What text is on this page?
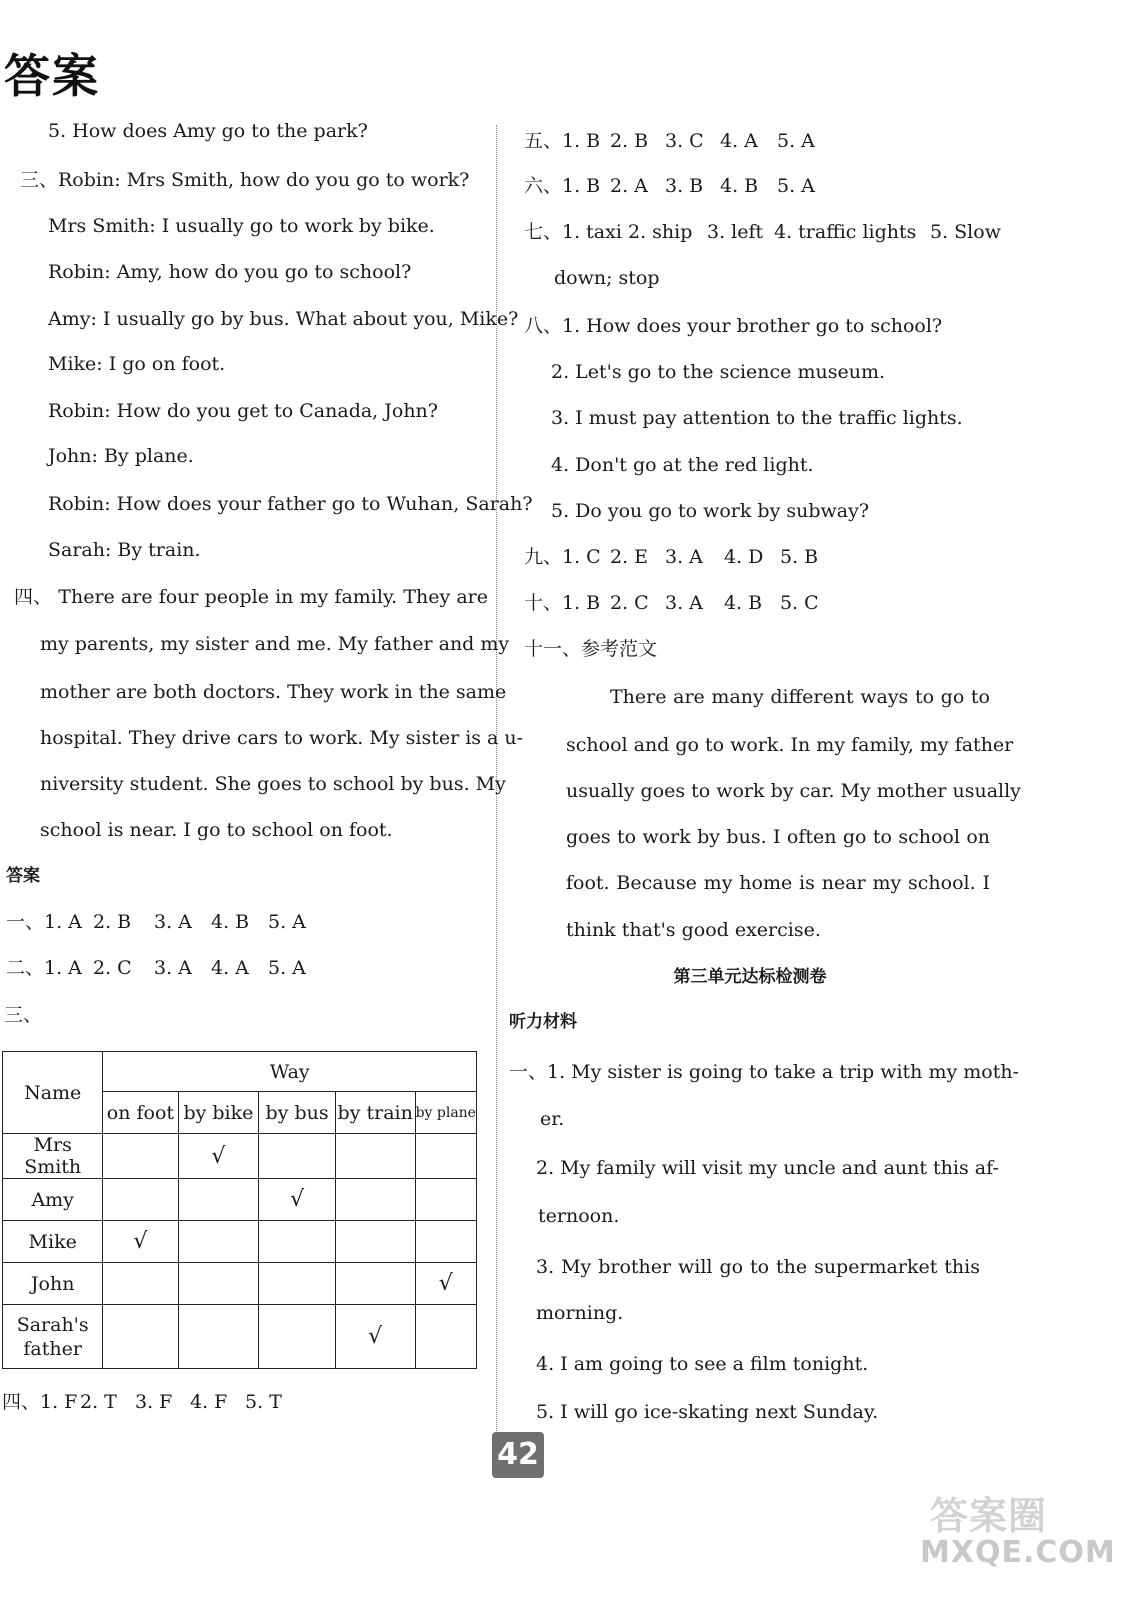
答案
5. How does Amy go to the park?
三、Robin: Mrs Smith, how do you go to work?
Mrs Smith: I usually go to work by bike.
Robin: Amy, how do you go to school?
Amy: I usually go by bus. What about you, Mike?
Mike: I go on foot.
Robin: How do you get to Canada, John?
John: By plane.
Robin: How does your father go to Wuhan, Sarah?
Sarah: By train.
四、 There are four people in my family. They are
my parents, my sister and me. My father and my
mother are both doctors. They work in the same
hospital. They drive cars to work. My sister is a u-
niversity student. She goes to school by bus. My
school is near. I go to school on foot.
答案
一、1. A 2. B	3. A	4. B 5. A
二、1. A 2. C	3. A	4. A	5. A
三、
Name	Way				
	on foot	by bike	by bus	by train	by plane
Mrs Smith		√			
Amy			√		
Mike	√				
John					√
Sarah's father				√	
四、1. F 2. T 3. F 4. F 5. T
五、1. B 2. B 3. C 4. A	5. A
六、1. B 2. A 3. B 4. B 5. A
七、1. taxi 2. ship 3. left 4. traffic lights 5. Slow
down; stop
八、1. How does your brother go to school?
2. Let's go to the science museum.
3. I must pay attention to the traffic lights.
4. Don't go at the red light.
5. Do you go to work by subway?
九、1. C 2. E 3. A	4. D 5. B
十、1. B 2. C 3. A	4. B 5. C
十一、参考范文
There are many different ways to go to
school and go to work. In my family, my father
usually goes to work by car. My mother usually
goes to work by bus. I often go to school on
foot. Because my home is near my school. I
think that's good exercise.
第三单元达标检测卷
听力材料
一、1. My sister is going to take a trip with my moth-
er.
2. My family will visit my uncle and aunt this af-
ternoon.
3. My brother will go to the supermarket this
morning.
4. I am going to see a film tonight.
5. I will go ice-skating next Sunday.
42
答案圈
MXQE.COM
